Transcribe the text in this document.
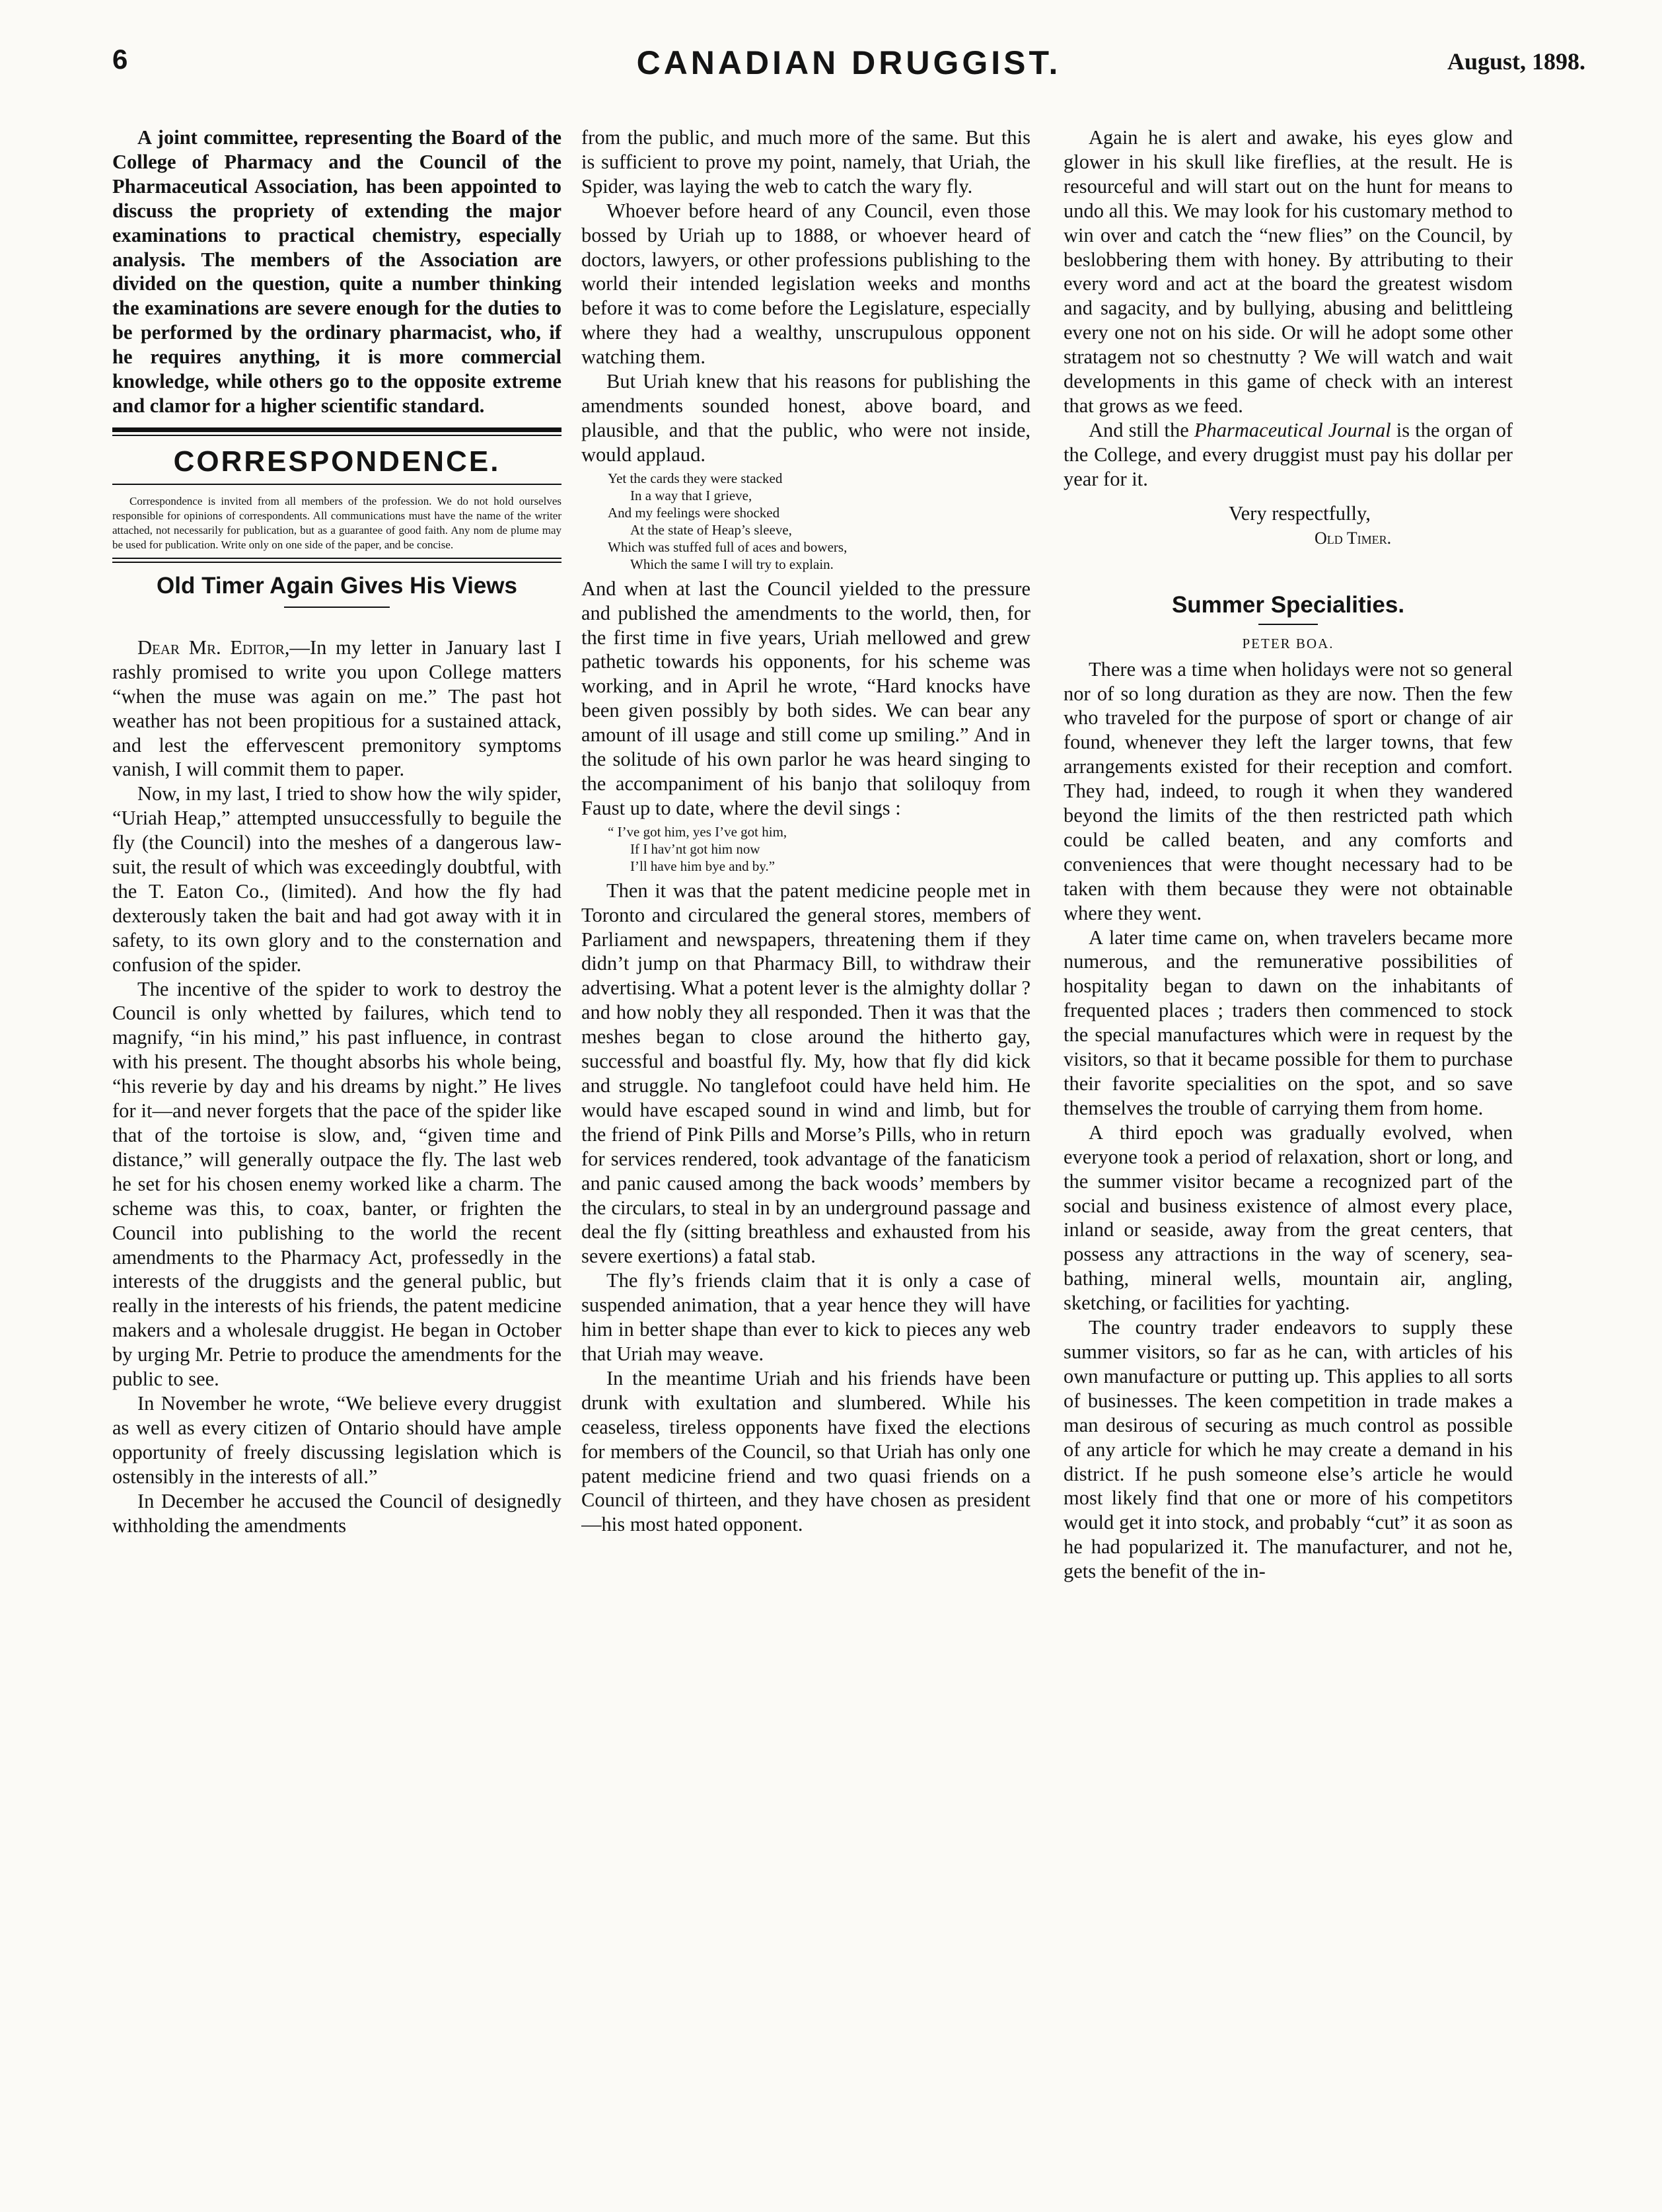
6	CANADIAN DRUGGIST.	August, 1898.

A joint committee, representing the Board of the College of Pharmacy and the Council of the Pharmaceutical Association, has been appointed to discuss the propriety of extending the major examinations to practical chemistry, especially analysis. The members of the Association are divided on the question, quite a number thinking the examinations are severe enough for the duties to be performed by the ordinary pharmacist, who, if he requires anything, it is more commercial knowledge, while others go to the opposite extreme and clamor for a higher scientific standard.

CORRESPONDENCE.

Correspondence is invited from all members of the profession. We do not hold ourselves responsible for opinions of correspondents. All communications must have the name of the writer attached, not necessarily for publication, but as a guarantee of good faith. Any nom de plume may be used for publication. Write only on one side of the paper, and be concise.

Old Timer Again Gives His Views

Dear Mr. Editor,—In my letter in January last I rashly promised to write you upon College matters “when the muse was again on me.” The past hot weather has not been propitious for a sustained attack, and lest the effervescent premonitory symptoms vanish, I will commit them to paper.

Now, in my last, I tried to show how the wily spider, “Uriah Heap,” attempted unsuccessfully to beguile the fly (the Council) into the meshes of a dangerous law-suit, the result of which was exceedingly doubtful, with the T. Eaton Co., (limited). And how the fly had dexterously taken the bait and had got away with it in safety, to its own glory and to the consternation and confusion of the spider.

The incentive of the spider to work to destroy the Council is only whetted by failures, which tend to magnify, “in his mind,” his past influence, in contrast with his present. The thought absorbs his whole being, “his reverie by day and his dreams by night.” He lives for it—and never forgets that the pace of the spider like that of the tortoise is slow, and, “given time and distance,” will generally outpace the fly. The last web he set for his chosen enemy worked like a charm. The scheme was this, to coax, banter, or frighten the Council into publishing to the world the recent amendments to the Pharmacy Act, professedly in the interests of the druggists and the general public, but really in the interests of his friends, the patent medicine makers and a wholesale druggist. He began in October by urging Mr. Petrie to produce the amendments for the public to see.

In November he wrote, “We believe every druggist as well as every citizen of Ontario should have ample opportunity of freely discussing legislation which is ostensibly in the interests of all.”

In December he accused the Council of designedly withholding the amendments

from the public, and much more of the same. But this is sufficient to prove my point, namely, that Uriah, the Spider, was laying the web to catch the wary fly.

Whoever before heard of any Council, even those bossed by Uriah up to 1888, or whoever heard of doctors, lawyers, or other professions publishing to the world their intended legislation weeks and months before it was to come before the Legislature, especially where they had a wealthy, unscrupulous opponent watching them.

But Uriah knew that his reasons for publishing the amendments sounded honest, above board, and plausible, and that the public, who were not inside, would applaud.

Yet the cards they were stacked
In a way that I grieve,
And my feelings were shocked
At the state of Heap’s sleeve,
Which was stuffed full of aces and bowers,
Which the same I will try to explain.

And when at last the Council yielded to the pressure and published the amendments to the world, then, for the first time in five years, Uriah mellowed and grew pathetic towards his opponents, for his scheme was working, and in April he wrote, “Hard knocks have been given possibly by both sides. We can bear any amount of ill usage and still come up smiling.” And in the solitude of his own parlor he was heard singing to the accompaniment of his banjo that soliloquy from Faust up to date, where the devil sings :

“ I’ve got him, yes I’ve got him,
If I hav’nt got him now
I’ll have him bye and by.”

Then it was that the patent medicine people met in Toronto and circulared the general stores, members of Parliament and newspapers, threatening them if they didn’t jump on that Pharmacy Bill, to withdraw their advertising. What a potent lever is the almighty dollar ? and how nobly they all responded. Then it was that the meshes began to close around the hitherto gay, successful and boastful fly. My, how that fly did kick and struggle. No tanglefoot could have held him. He would have escaped sound in wind and limb, but for the friend of Pink Pills and Morse’s Pills, who in return for services rendered, took advantage of the fanaticism and panic caused among the back woods’ members by the circulars, to steal in by an underground passage and deal the fly (sitting breathless and exhausted from his severe exertions) a fatal stab.

The fly’s friends claim that it is only a case of suspended animation, that a year hence they will have him in better shape than ever to kick to pieces any web that Uriah may weave.

In the meantime Uriah and his friends have been drunk with exultation and slumbered. While his ceaseless, tireless opponents have fixed the elections for members of the Council, so that Uriah has only one patent medicine friend and two quasi friends on a Council of thirteen, and they have chosen as president—his most hated opponent.

Again he is alert and awake, his eyes glow and glower in his skull like fireflies, at the result. He is resourceful and will start out on the hunt for means to undo all this. We may look for his customary method to win over and catch the “new flies” on the Council, by beslobbering them with honey. By attributing to their every word and act at the board the greatest wisdom and sagacity, and by bullying, abusing and belittleing every one not on his side. Or will he adopt some other stratagem not so chestnutty ? We will watch and wait developments in this game of check with an interest that grows as we feed.

And still the Pharmaceutical Journal is the organ of the College, and every druggist must pay his dollar per year for it.

Very respectfully,
Old Timer.
Summer Specialities.
PETER BOA.

There was a time when holidays were not so general nor of so long duration as they are now. Then the few who traveled for the purpose of sport or change of air found, whenever they left the larger towns, that few arrangements existed for their reception and comfort. They had, indeed, to rough it when they wandered beyond the limits of the then restricted path which could be called beaten, and any comforts and conveniences that were thought necessary had to be taken with them because they were not obtainable where they went.

A later time came on, when travelers became more numerous, and the remunerative possibilities of hospitality began to dawn on the inhabitants of frequented places ; traders then commenced to stock the special manufactures which were in request by the visitors, so that it became possible for them to purchase their favorite specialities on the spot, and so save themselves the trouble of carrying them from home.

A third epoch was gradually evolved, when everyone took a period of relaxation, short or long, and the summer visitor became a recognized part of the social and business existence of almost every place, inland or seaside, away from the great centers, that possess any attractions in the way of scenery, sea-bathing, mineral wells, mountain air, angling, sketching, or facilities for yachting.

The country trader endeavors to supply these summer visitors, so far as he can, with articles of his own manufacture or putting up. This applies to all sorts of businesses. The keen competition in trade makes a man desirous of securing as much control as possible of any article for which he may create a demand in his district. If he push someone else’s article he would most likely find that one or more of his competitors would get it into stock, and probably “cut” it as soon as he had popularized it. The manufacturer, and not he, gets the benefit of the in-
